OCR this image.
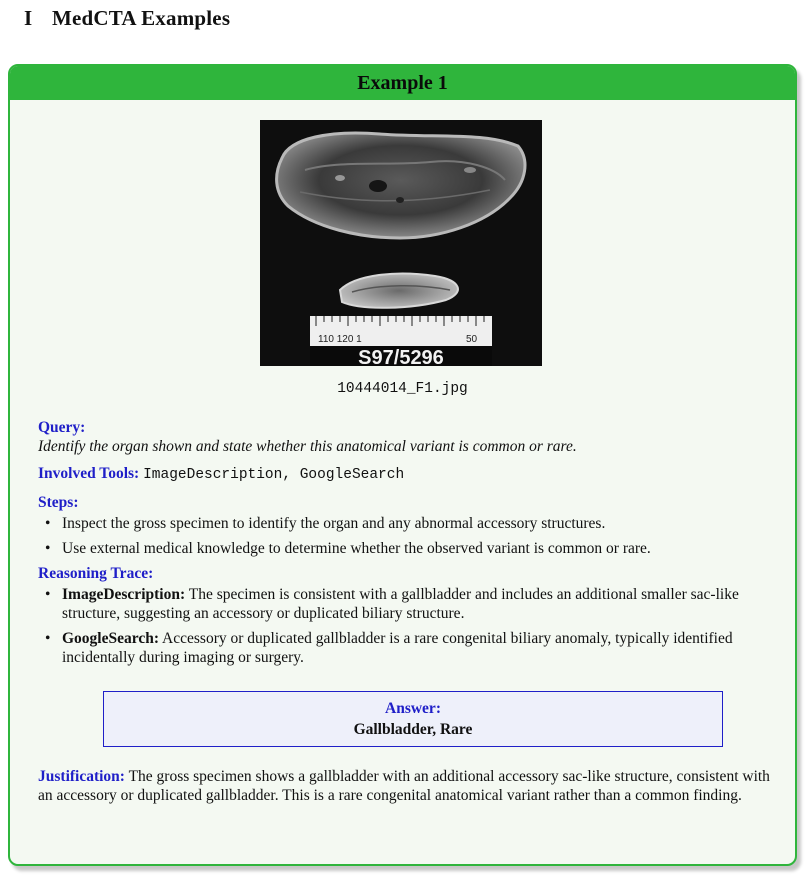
I MedCTA Examples
Example 1
110 120 1	50
S97/5296
10444014_F1.jpg

Query:

Identify the organ shown and state whether this anatomical variant is common or rare.

Involved Tools: ImageDescription, GoogleSearch

Steps:

• Inspect the gross specimen to identify the organ and any abnormal accessory structures.
• Use external medical knowledge to determine whether the observed variant is common or rare.

Reasoning Trace:

• ImageDescription: The specimen is consistent with a gallbladder and includes an additional smaller sac-like structure, suggesting an accessory or duplicated biliary structure.
• GoogleSearch: Accessory or duplicated gallbladder is a rare congenital biliary anomaly, typically identified incidentally during imaging or surgery.
Answer:
Gallbladder, Rare

Justification: The gross specimen shows a gallbladder with an additional accessory sac-like structure, consistent with an accessory or duplicated gallbladder. This is a rare congenital anatomical variant rather than a common finding.
